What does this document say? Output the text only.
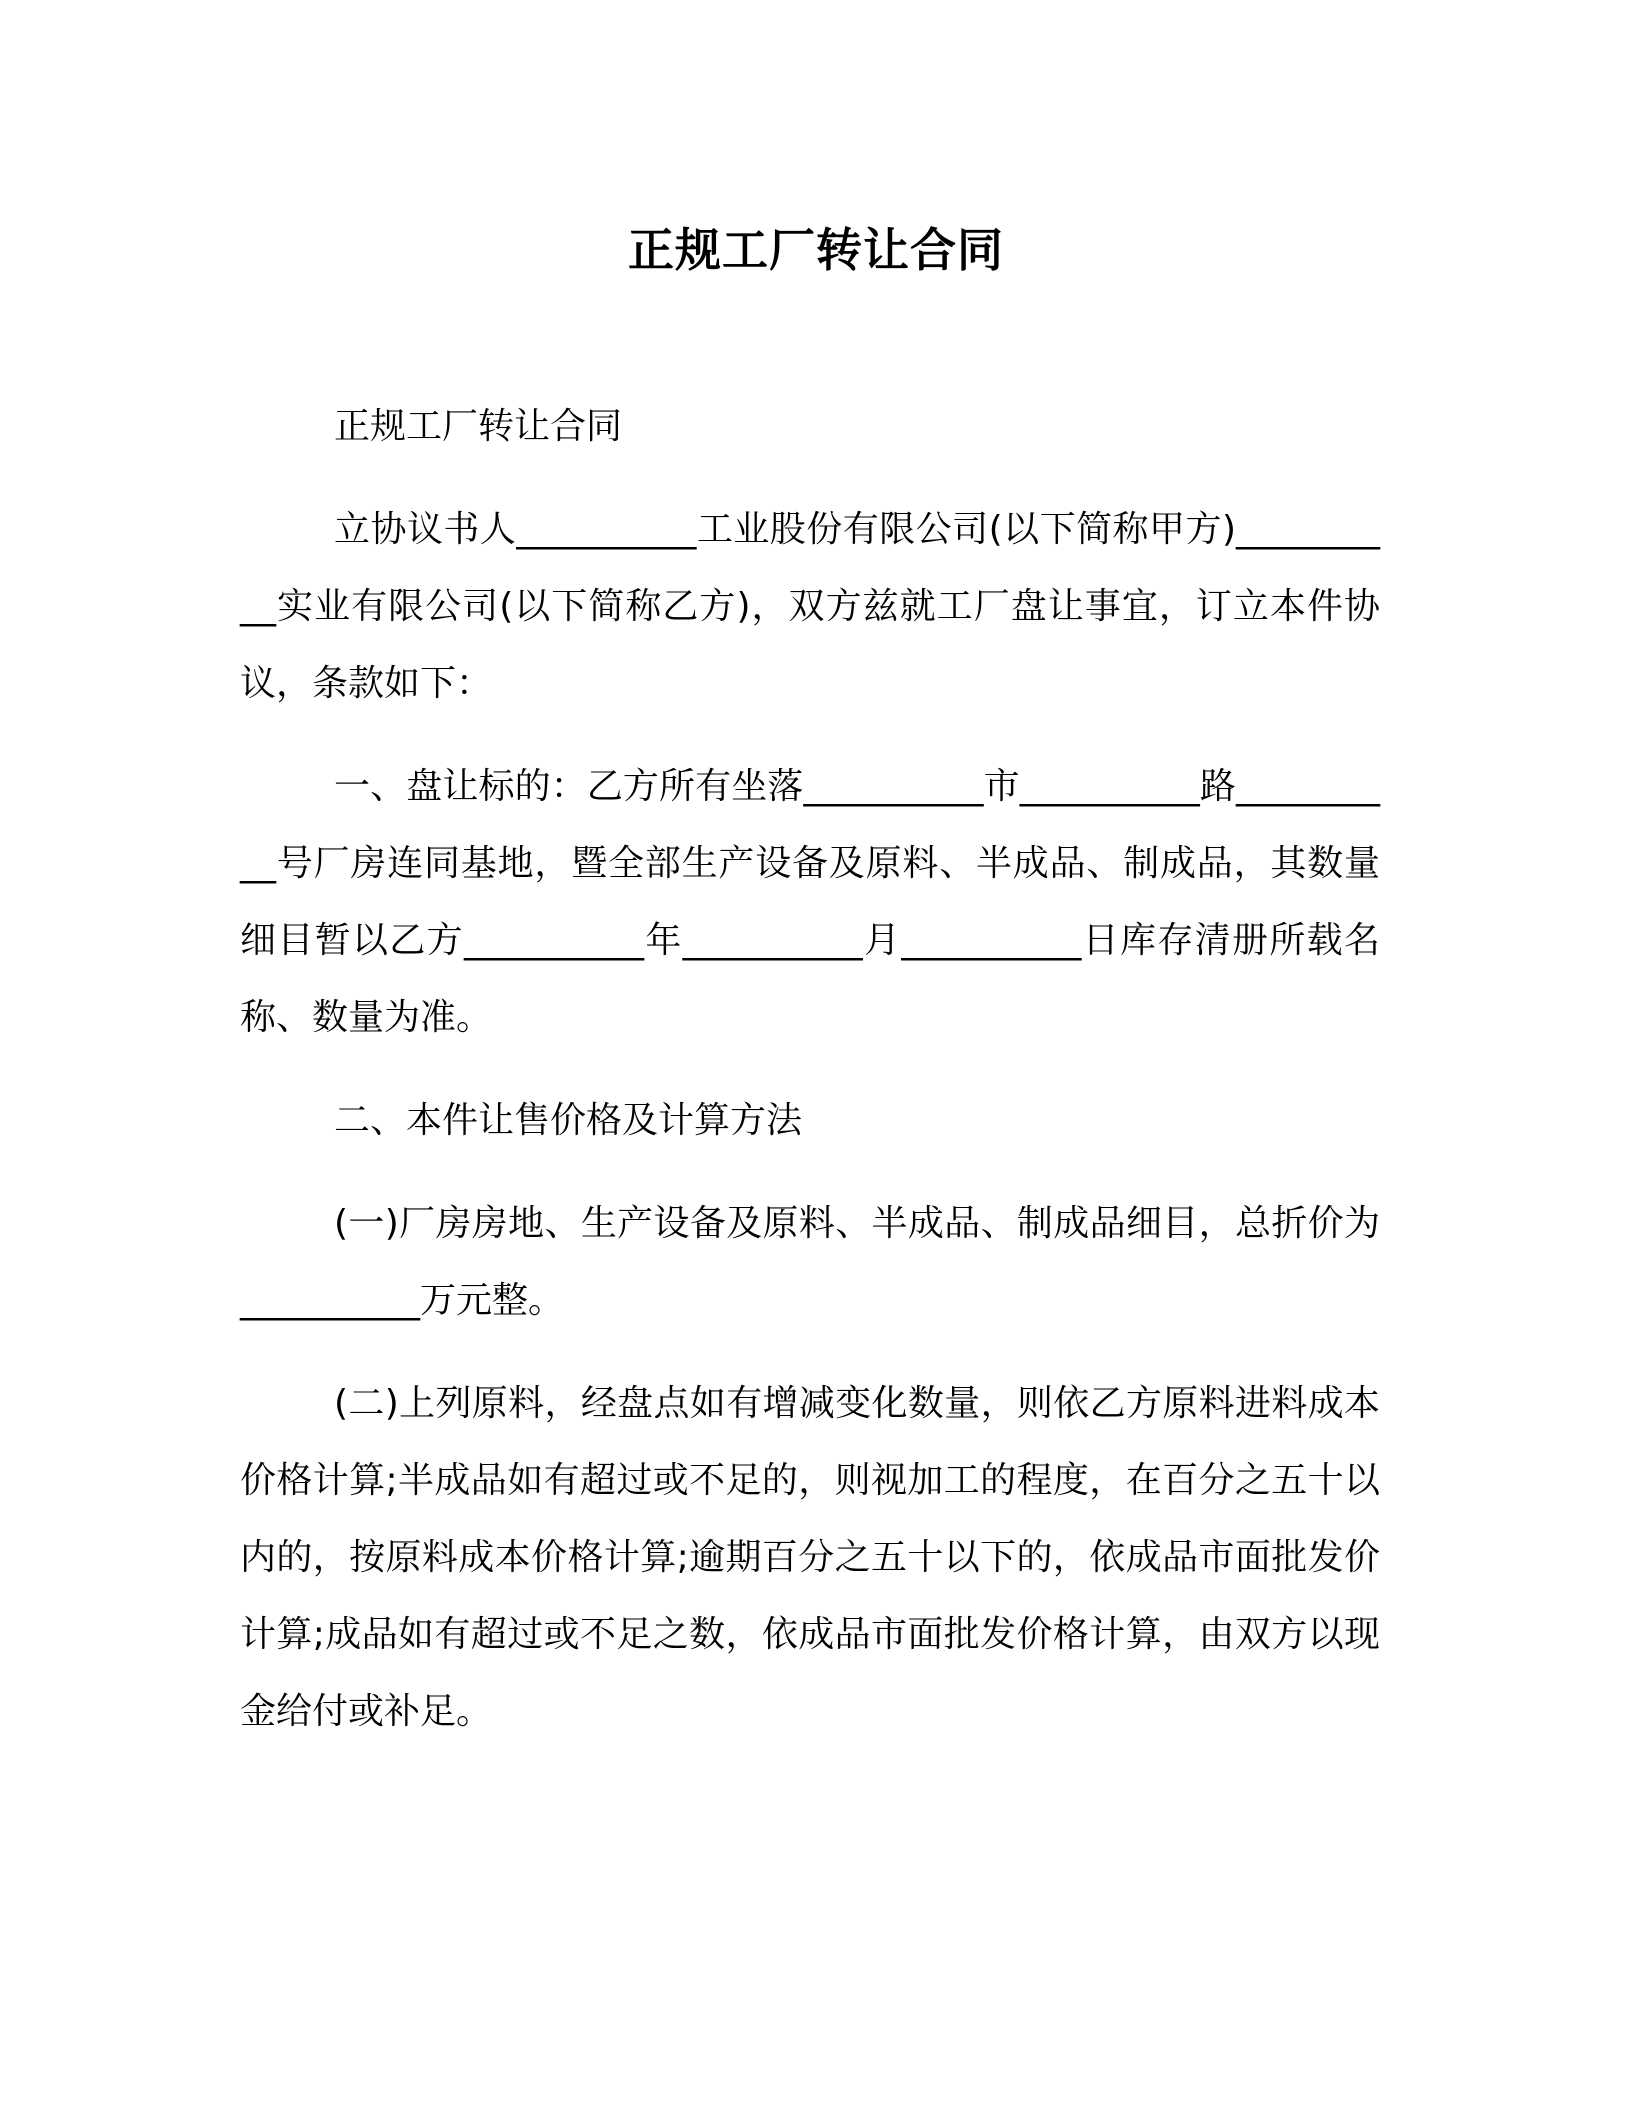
正规工厂转让合同

正规工厂转让合同

立协议书人__________工业股份有限公司(以下简称甲方)__________实业有限公司(以下简称乙方)，双方兹就工厂盘让事宜，订立本件协议，条款如下：

一、盘让标的：乙方所有坐落__________市__________路__________号厂房连同基地，暨全部生产设备及原料、半成品、制成品，其数量细目暂以乙方__________年__________月__________日库存清册所载名称、数量为准。

二、本件让售价格及计算方法

(一)厂房房地、生产设备及原料、半成品、制成品细目，总折价为__________万元整。

(二)上列原料，经盘点如有增减变化数量，则依乙方原料进料成本价格计算;半成品如有超过或不足的，则视加工的程度，在百分之五十以内的，按原料成本价格计算;逾期百分之五十以下的，依成品市面批发价计算;成品如有超过或不足之数，依成品市面批发价格计算，由双方以现金给付或补足。
